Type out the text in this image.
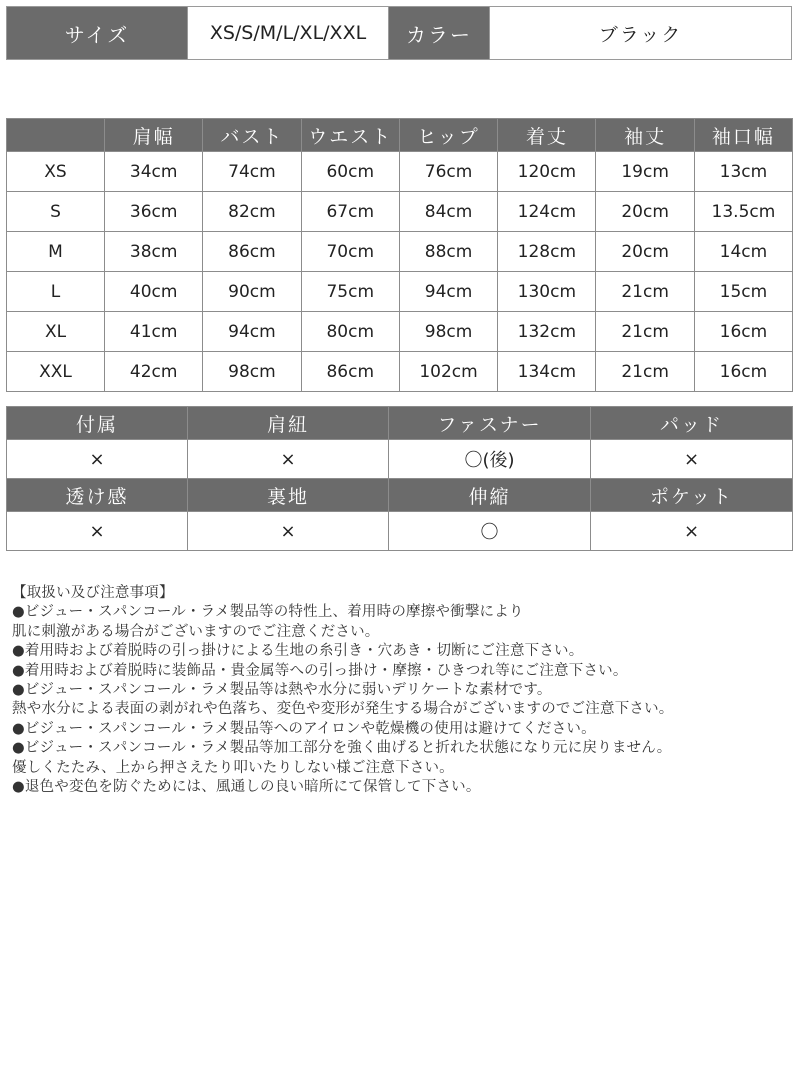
サイズ	XS/S/M/L/XL/XXL	カラー	ブラック
	肩幅	バスト	ウエスト	ヒップ	着丈	袖丈	袖口幅
XS	34cm	74cm	60cm	76cm	120cm	19cm	13cm
S	36cm	82cm	67cm	84cm	124cm	20cm	13.5cm
M	38cm	86cm	70cm	88cm	128cm	20cm	14cm
L	40cm	90cm	75cm	94cm	130cm	21cm	15cm
XL	41cm	94cm	80cm	98cm	132cm	21cm	16cm
XXL	42cm	98cm	86cm	102cm	134cm	21cm	16cm
付属	肩紐	ファスナー	パッド
×	×	〇(後)	×
透け感	裏地	伸縮	ポケット
×	×	〇	×
【取扱い及び注意事項】
●ビジュー・スパンコール・ラメ製品等の特性上、着用時の摩擦や衝撃により
肌に刺激がある場合がございますのでご注意ください。
●着用時および着脱時の引っ掛けによる生地の糸引き・穴あき・切断にご注意下さい。
●着用時および着脱時に装飾品・貴金属等への引っ掛け・摩擦・ひきつれ等にご注意下さい。
●ビジュー・スパンコール・ラメ製品等は熱や水分に弱いデリケートな素材です。
熱や水分による表面の剥がれや色落ち、変色や変形が発生する場合がございますのでご注意下さい。
●ビジュー・スパンコール・ラメ製品等へのアイロンや乾燥機の使用は避けてください。
●ビジュー・スパンコール・ラメ製品等加工部分を強く曲げると折れた状態になり元に戻りません。
優しくたたみ、上から押さえたり叩いたりしない様ご注意下さい。
●退色や変色を防ぐためには、風通しの良い暗所にて保管して下さい。
